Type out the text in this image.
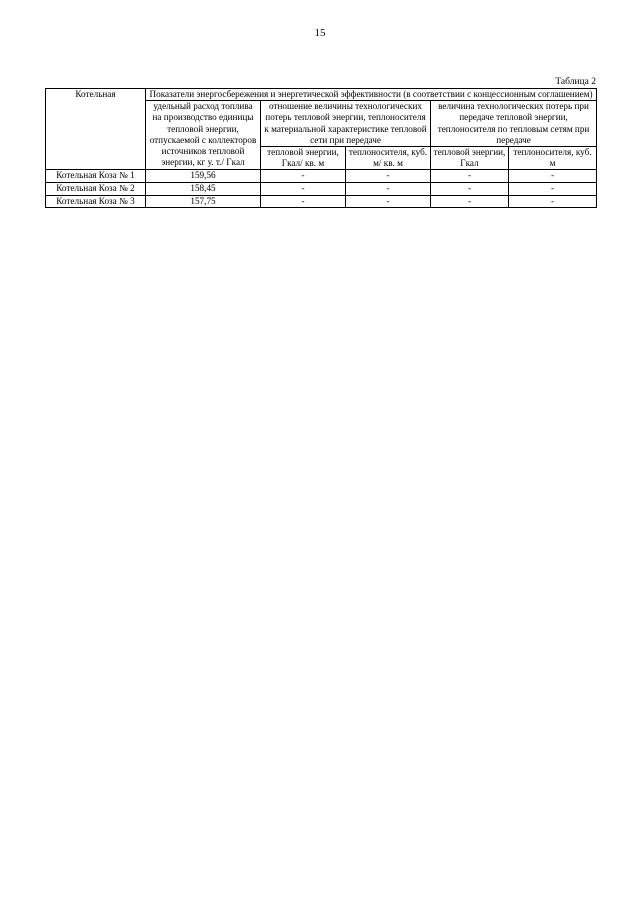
15
Таблица 2
Котельная	Показатели энергосбережения и энергетической эффективности (в соответствии с концессионным соглашением)				
	удельный расход топлива на производство единицы тепловой энергии, отпускаемой с коллекторов источников тепловой энергии, кг у. т./ Гкал	отношение величины технологических потерь тепловой энергии, теплоносителя к материальной характеристике тепловой сети при передаче		величина технологических потерь при передаче тепловой энергии, теплоносителя по тепловым сетям при передаче	
		тепловой энергии, Гкал/ кв. м	теплоносителя, куб. м/ кв. м	тепловой энергии, Гкал	теплоносителя, куб. м
Котельная Коза № 1	159,56	-	-	-	-
Котельная Коза № 2	158,45	-	-	-	-
Котельная Коза № 3	157,75	-	-	-	-
